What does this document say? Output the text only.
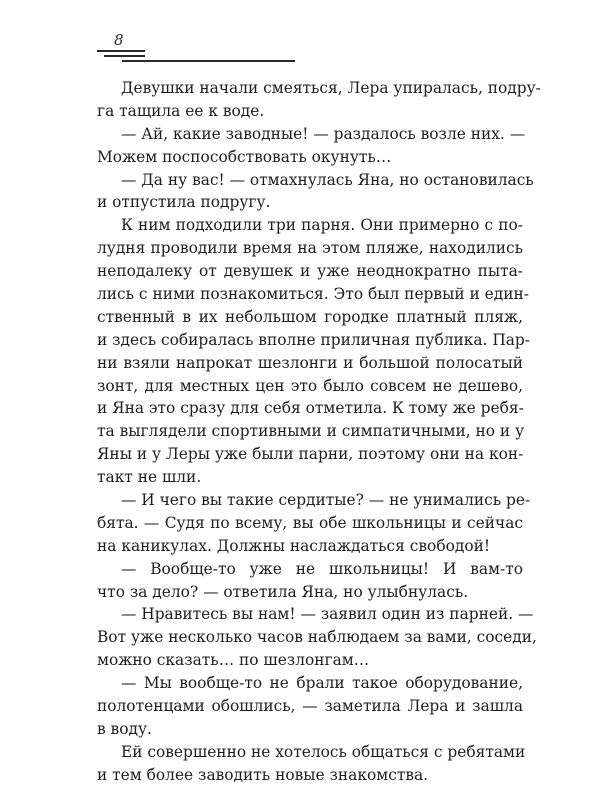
8
Девушки начали смеяться, Лера упиралась, подру-
га тащила ее к воде.
— Ай, какие заводные! — раздалось возле них. —
Можем поспособствовать окунуть…
— Да ну вас! — отмахнулась Яна, но остановилась
и отпустила подругу.
К ним подходили три парня. Они примерно с по-
лудня проводили время на этом пляже, находились
неподалеку от девушек и уже неоднократно пыта-
лись с ними познакомиться. Это был первый и един-
ственный в их небольшом городке платный пляж,
и здесь собиралась вполне приличная публика. Пар-
ни взяли напрокат шезлонги и большой полосатый
зонт, для местных цен это было совсем не дешево,
и Яна это сразу для себя отметила. К тому же ребя-
та выглядели спортивными и симпатичными, но и у
Яны и у Леры уже были парни, поэтому они на кон-
такт не шли.
— И чего вы такие сердитые? — не унимались ре-
бята. — Судя по всему, вы обе школьницы и сейчас
на каникулах. Должны наслаждаться свободой!
— Вообще-то уже не школьницы! И вам-то
что за дело? — ответила Яна, но улыбнулась.
— Нравитесь вы нам! — заявил один из парней. —
Вот уже несколько часов наблюдаем за вами, соседи,
можно сказать… по шезлонгам…
— Мы вообще-то не брали такое оборудование,
полотенцами обошлись, — заметила Лера и зашла
в воду.
Ей совершенно не хотелось общаться с ребятами
и тем более заводить новые знакомства.
